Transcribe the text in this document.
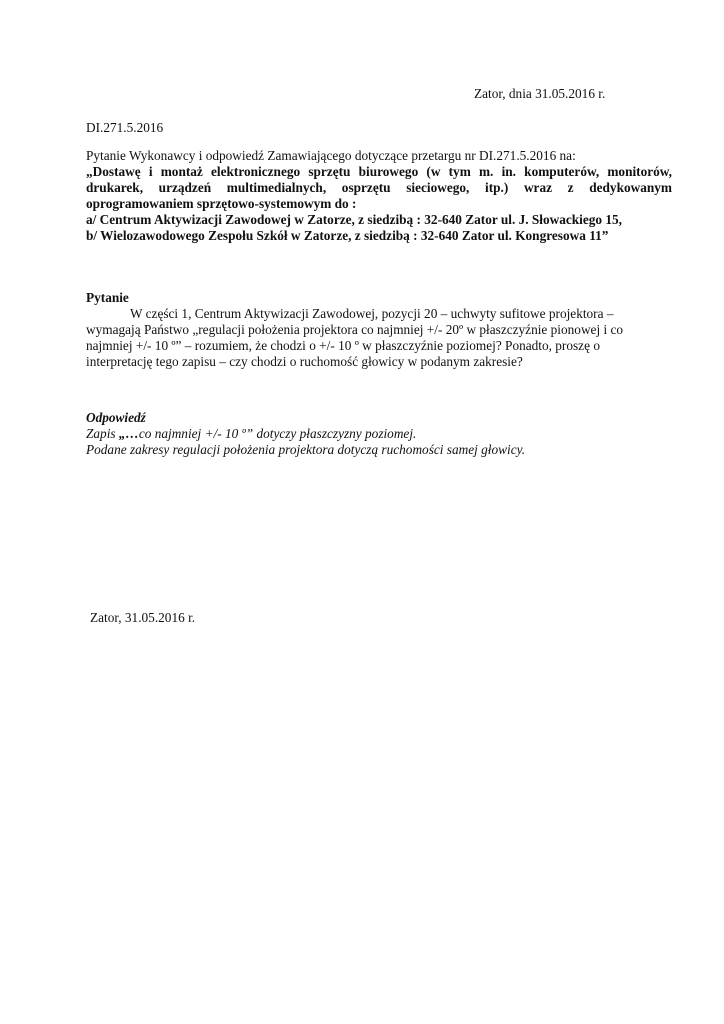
Zator, dnia 31.05.2016 r.

DI.271.5.2016

Pytanie Wykonawcy i odpowiedź Zamawiającego dotyczące przetargu nr DI.271.5.2016 na:

„Dostawę i montaż elektronicznego sprzętu biurowego (w tym m. in. komputerów, monitorów, drukarek, urządzeń multimedialnych, osprzętu sieciowego, itp.) wraz z dedykowanym oprogramowaniem sprzętowo-systemowym do :
a/ Centrum Aktywizacji Zawodowej w Zatorze, z siedzibą : 32-640 Zator ul. J. Słowackiego 15,
b/ Wielozawodowego Zespołu Szkół w Zatorze, z siedzibą : 32-640 Zator ul. Kongresowa 11”

Pytanie

W części 1, Centrum Aktywizacji Zawodowej, pozycji 20 – uchwyty sufitowe projektora –
wymagają Państwo „regulacji położenia projektora co najmniej +/- 20º w płaszczyźnie pionowej i co
najmniej +/- 10 º” – rozumiem, że chodzi o +/- 10 º w płaszczyźnie poziomej? Ponadto, proszę o
interpretację tego zapisu – czy chodzi o ruchomość głowicy w podanym zakresie?

Odpowiedź

Zapis „…co najmniej +/- 10 º” dotyczy płaszczyzny poziomej.
Podane zakresy regulacji położenia projektora dotyczą ruchomości samej głowicy.

Zator, 31.05.2016 r.
